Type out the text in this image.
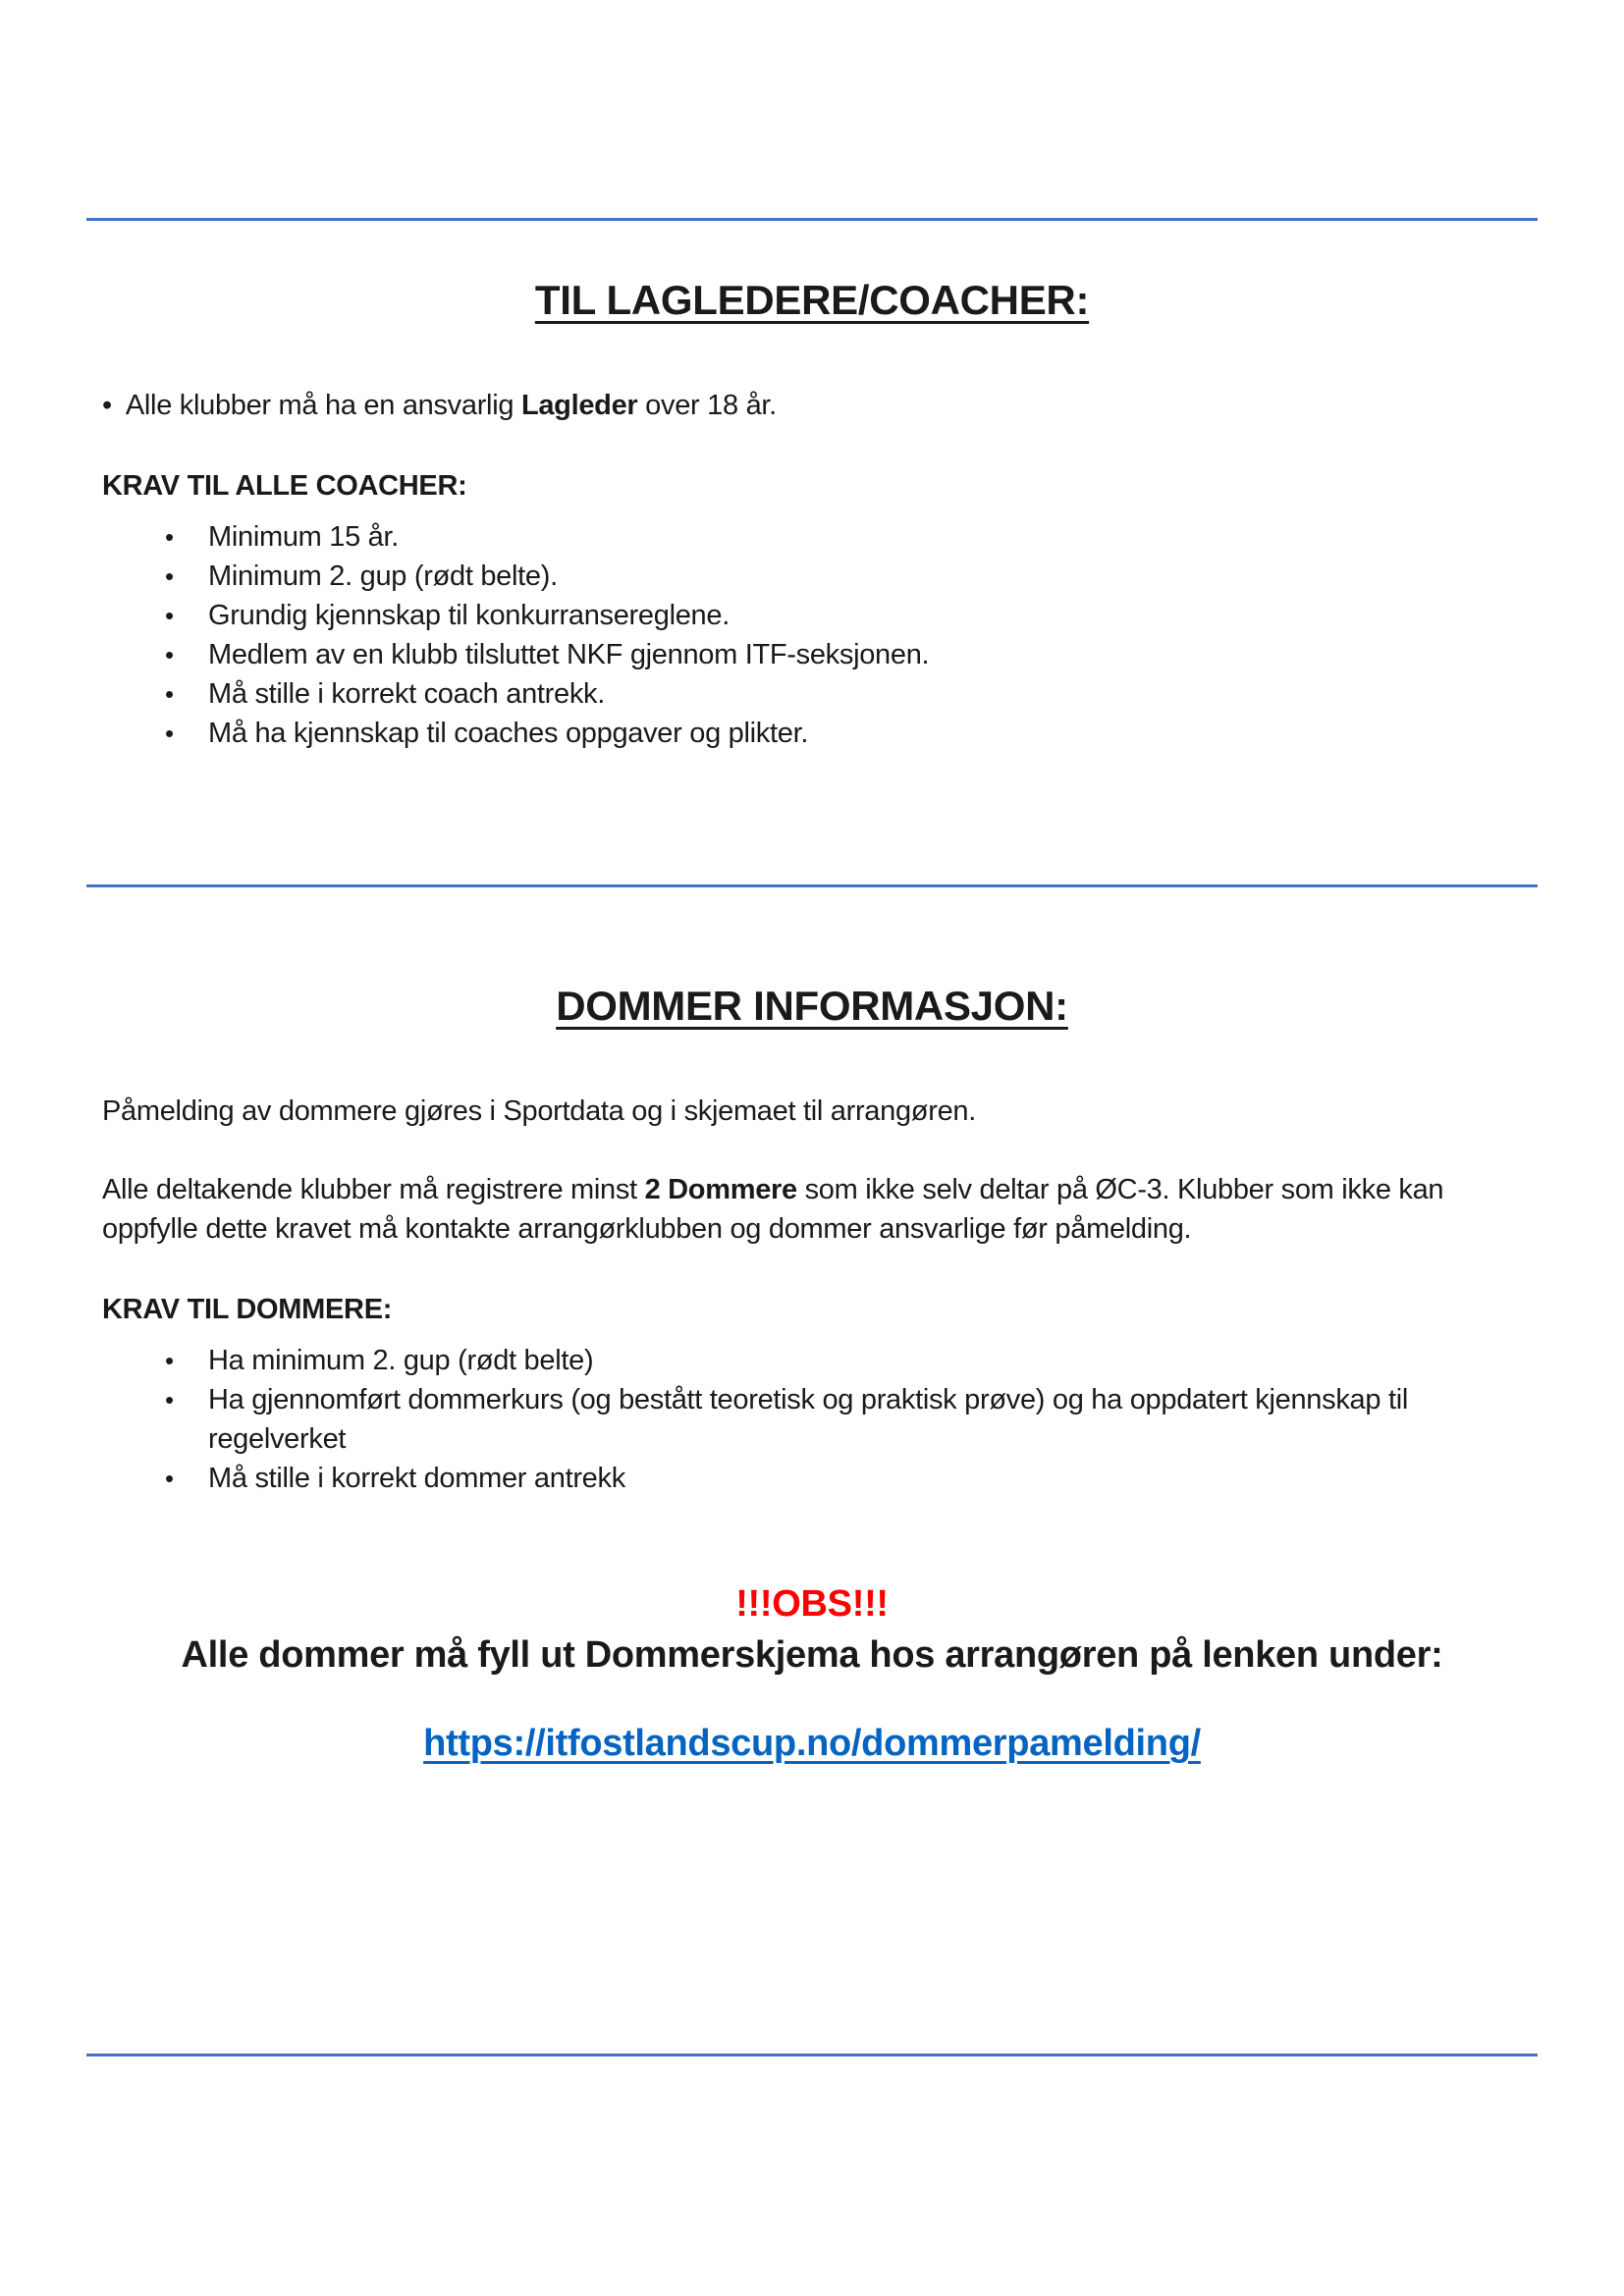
TIL LAGLEDERE/COACHER:

• Alle klubber må ha en ansvarlig Lagleder over 18 år.

KRAV TIL ALLE COACHER:
•	Minimum 15 år.
•	Minimum 2. gup (rødt belte).
•	Grundig kjennskap til konkurransereglene.
•	Medlem av en klubb tilsluttet NKF gjennom ITF-seksjonen.
•	Må stille i korrekt coach antrekk.
•	Må ha kjennskap til coaches oppgaver og plikter.
DOMMER INFORMASJON:

Påmelding av dommere gjøres i Sportdata og i skjemaet til arrangøren.

Alle deltakende klubber må registrere minst 2 Dommere som ikke selv deltar på ØC-3. Klubber som ikke kan oppfylle dette kravet må kontakte arrangørklubben og dommer ansvarlige før påmelding.

KRAV TIL DOMMERE:
•	Ha minimum 2. gup (rødt belte)
•	Ha gjennomført dommerkurs (og bestått teoretisk og praktisk prøve) og ha oppdatert kjennskap til regelverket
•	Må stille i korrekt dommer antrekk

!!!OBS!!!

Alle dommer må fyll ut Dommerskjema hos arrangøren på lenken under:

https://itfostlandscup.no/dommerpamelding/
